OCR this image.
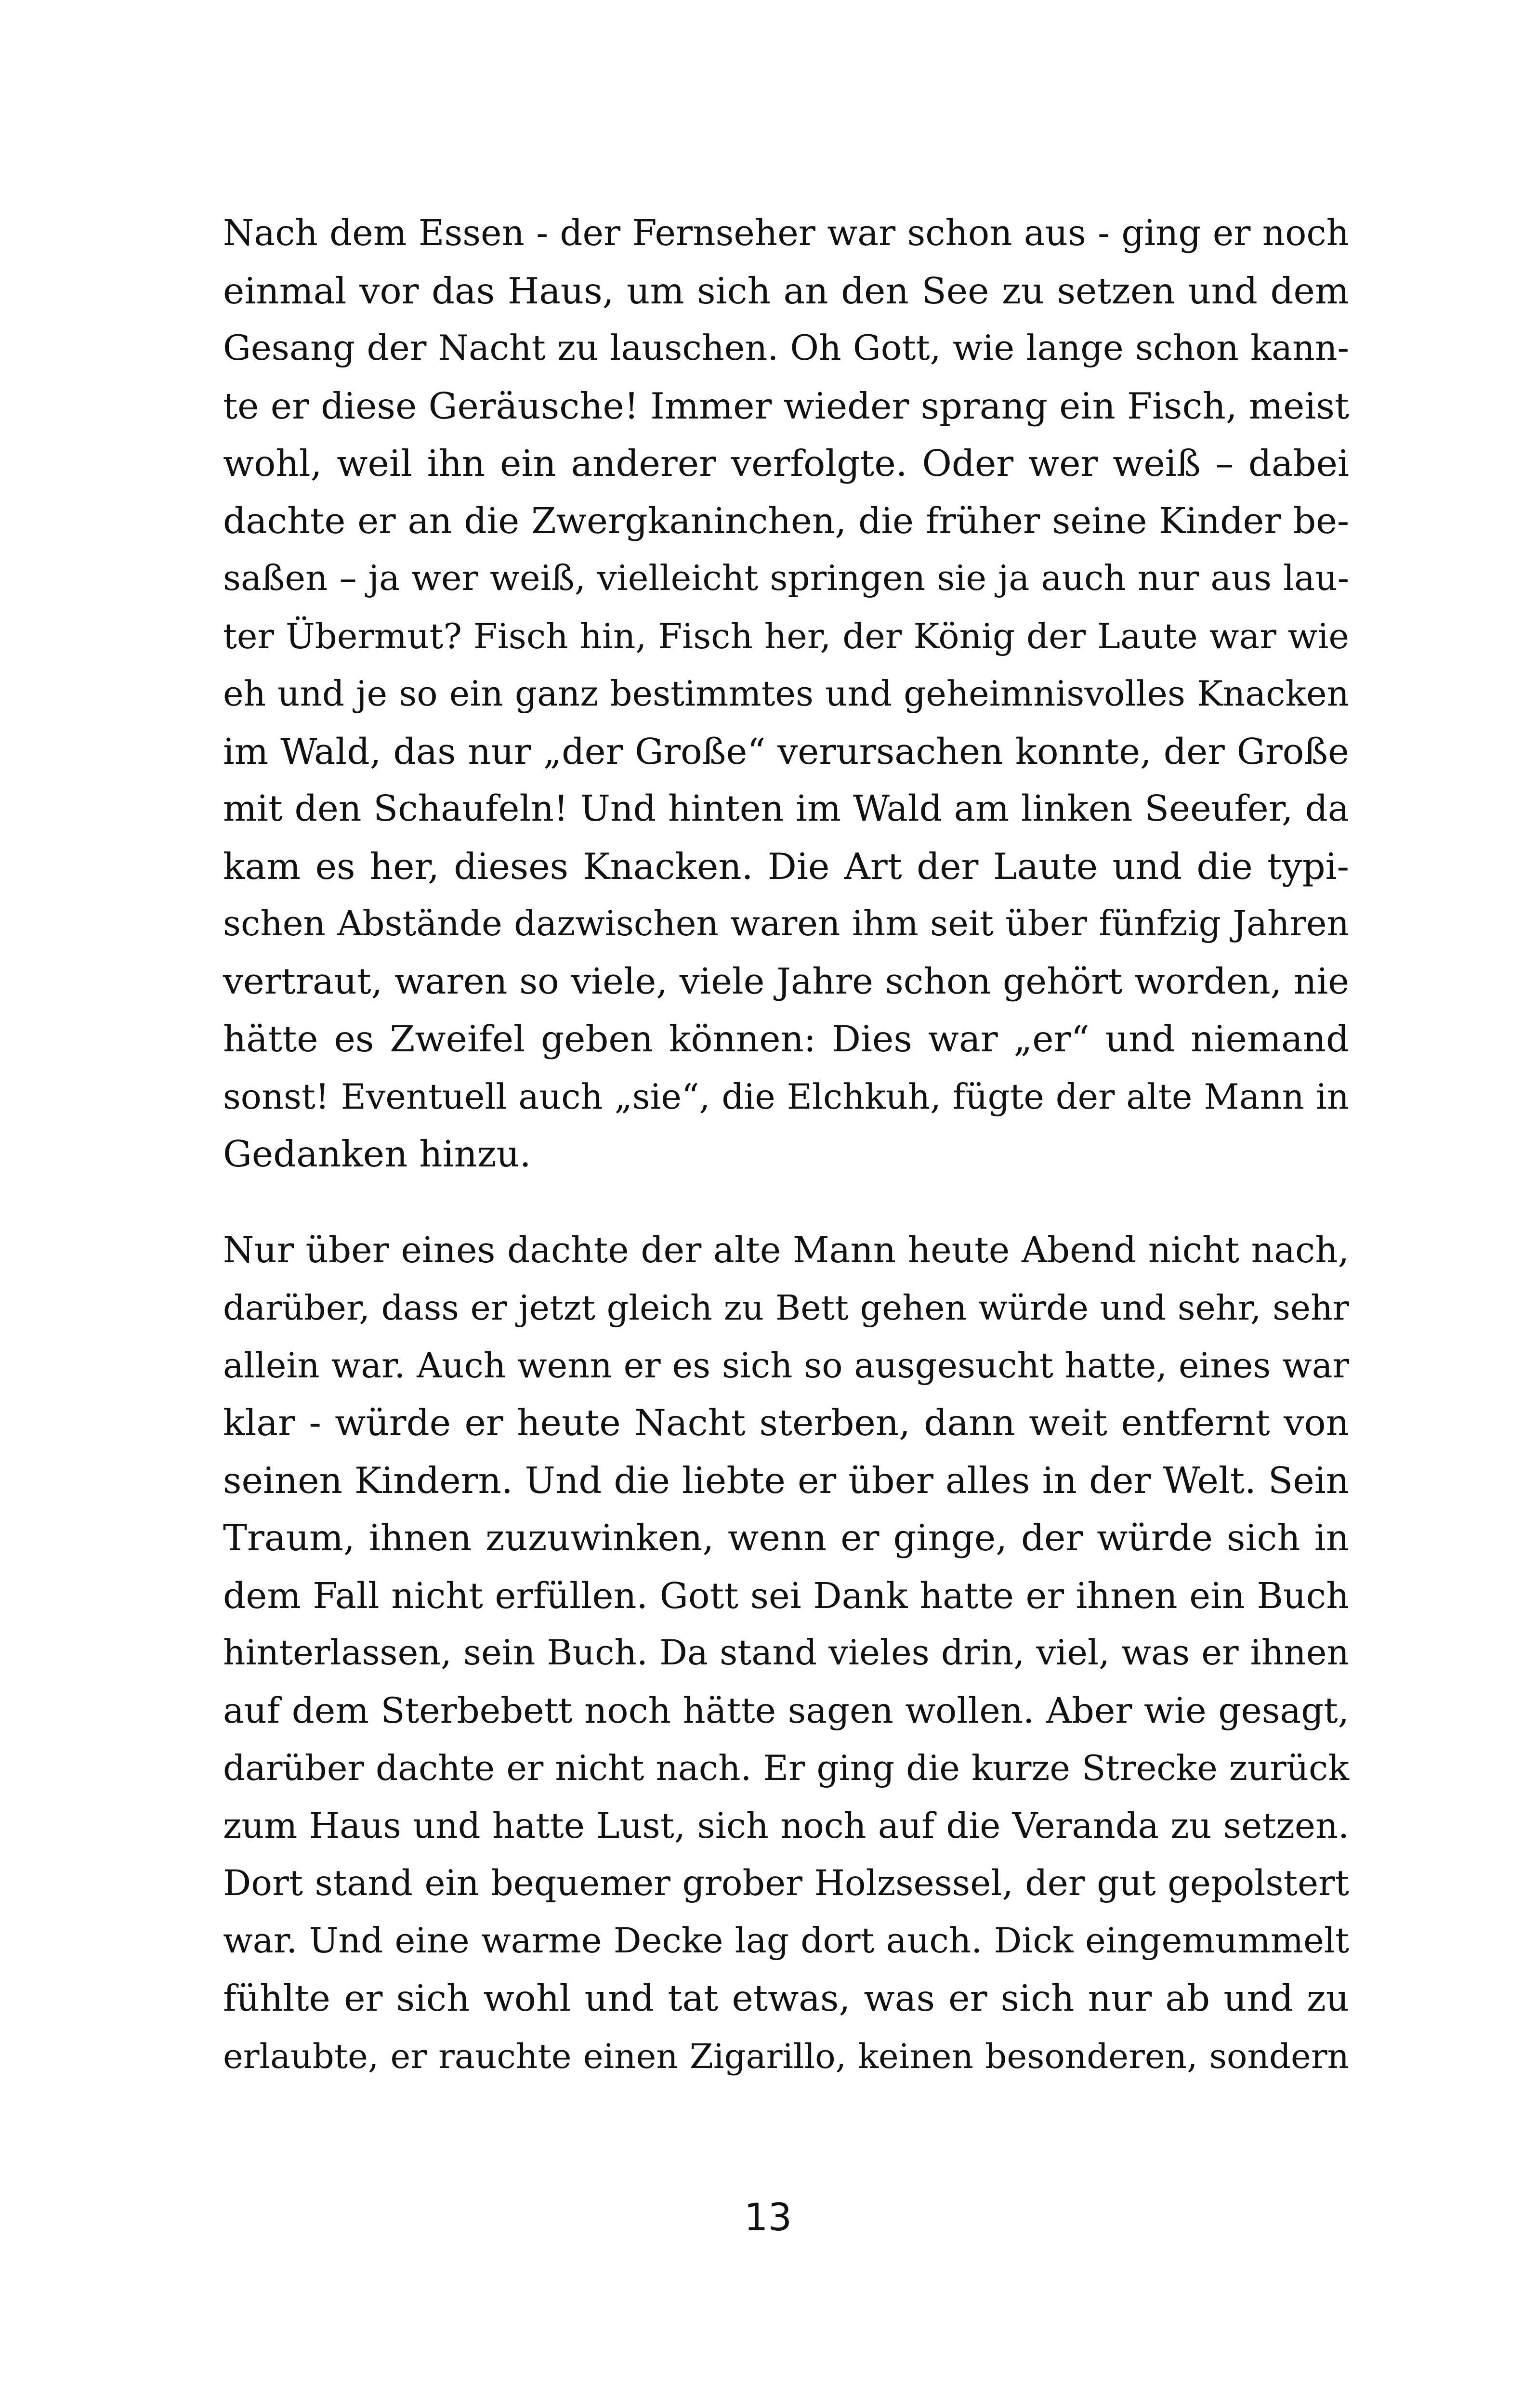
Nach dem Essen - der Fernseher war schon aus - ging er noch
einmal vor das Haus, um sich an den See zu setzen und dem
Gesang der Nacht zu lauschen. Oh Gott, wie lange schon kann-
te er diese Geräusche! Immer wieder sprang ein Fisch, meist
wohl, weil ihn ein anderer verfolgte. Oder wer weiß – dabei
dachte er an die Zwergkaninchen, die früher seine Kinder be-
saßen – ja wer weiß, vielleicht springen sie ja auch nur aus lau-
ter Übermut? Fisch hin, Fisch her, der König der Laute war wie
eh und je so ein ganz bestimmtes und geheimnisvolles Knacken
im Wald, das nur „der Große“ verursachen konnte, der Große
mit den Schaufeln! Und hinten im Wald am linken Seeufer, da
kam es her, dieses Knacken. Die Art der Laute und die typi-
schen Abstände dazwischen waren ihm seit über fünfzig Jahren
vertraut, waren so viele, viele Jahre schon gehört worden, nie
hätte es Zweifel geben können: Dies war „er“ und niemand
sonst! Eventuell auch „sie“, die Elchkuh, fügte der alte Mann in
Gedanken hinzu.
Nur über eines dachte der alte Mann heute Abend nicht nach,
darüber, dass er jetzt gleich zu Bett gehen würde und sehr, sehr
allein war. Auch wenn er es sich so ausgesucht hatte, eines war
klar - würde er heute Nacht sterben, dann weit entfernt von
seinen Kindern. Und die liebte er über alles in der Welt. Sein
Traum, ihnen zuzuwinken, wenn er ginge, der würde sich in
dem Fall nicht erfüllen. Gott sei Dank hatte er ihnen ein Buch
hinterlassen, sein Buch. Da stand vieles drin, viel, was er ihnen
auf dem Sterbebett noch hätte sagen wollen. Aber wie gesagt,
darüber dachte er nicht nach. Er ging die kurze Strecke zurück
zum Haus und hatte Lust, sich noch auf die Veranda zu setzen.
Dort stand ein bequemer grober Holzsessel, der gut gepolstert
war. Und eine warme Decke lag dort auch. Dick eingemummelt
fühlte er sich wohl und tat etwas, was er sich nur ab und zu
erlaubte, er rauchte einen Zigarillo, keinen besonderen, sondern
13
